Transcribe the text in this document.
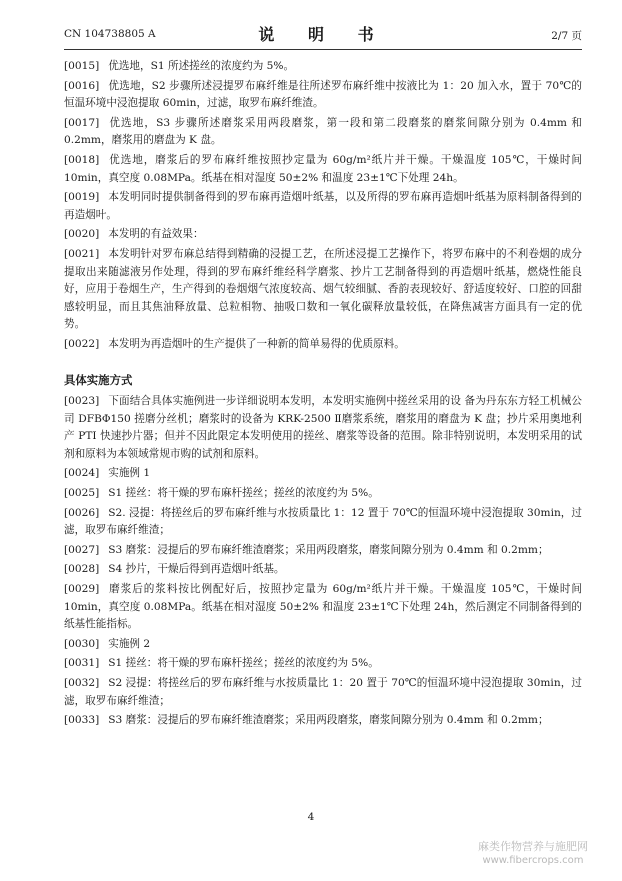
CN 104738805 A	说 明 书	2/7 页
[0015] 优选地，S1 所述搓丝的浓度约为 5%。
[0016] 优选地，S2 步骤所述浸提罗布麻纤维是往所述罗布麻纤维中按液比为 1：20 加入水，置于 70℃的恒温环境中浸泡提取 60min，过滤，取罗布麻纤维渣。
[0017] 优选地，S3 步骤所述磨浆采用两段磨浆，第一段和第二段磨浆的磨浆间隙分别为 0.4mm 和 0.2mm，磨浆用的磨盘为 K 盘。
[0018] 优选地，磨浆后的罗布麻纤维按照抄定量为 60g/m²纸片并干燥。干燥温度 105℃，干燥时间 10min，真空度 0.08MPa。纸基在相对湿度 50±2% 和温度 23±1℃下处理 24h。
[0019] 本发明同时提供制备得到的罗布麻再造烟叶纸基，以及所得的罗布麻再造烟叶纸基为原料制备得到的再造烟叶。
[0020] 本发明的有益效果：
[0021] 本发明针对罗布麻总结得到精确的浸提工艺，在所述浸提工艺操作下，将罗布麻中的不利卷烟的成分提取出来随滤液另作处理，得到的罗布麻纤维经科学磨浆、抄片工艺制备得到的再造烟叶纸基，燃烧性能良好，应用于卷烟生产，生产得到的卷烟烟气浓度较高、烟气较细腻、香韵表现较好、舒适度较好、口腔的回甜感较明显，而且其焦油释放量、总粒相物、抽吸口数和一氧化碳释放量较低，在降焦减害方面具有一定的优势。
[0022] 本发明为再造烟叶的生产提供了一种新的简单易得的优质原料。
具体实施方式
[0023] 下面结合具体实施例进一步详细说明本发明，本发明实施例中搓丝采用的设 备为丹东东方轻工机械公司 DFBΦ150 搓磨分丝机；磨浆时的设备为 KRK-2500 Ⅱ磨浆系统，磨浆用的磨盘为 K 盘；抄片采用奥地利产 PTI 快速抄片器；但并不因此限定本发明使用的搓丝、磨浆等设备的范围。除非特别说明，本发明采用的试剂和原料为本领域常规市购的试剂和原料。
[0024] 实施例 1
[0025] S1 搓丝：将干燥的罗布麻杆搓丝；搓丝的浓度约为 5%。
[0026] S2. 浸提：将搓丝后的罗布麻纤维与水按质量比 1：12 置于 70℃的恒温环境中浸泡提取 30min，过滤，取罗布麻纤维渣；
[0027] S3 磨浆：浸提后的罗布麻纤维渣磨浆；采用两段磨浆，磨浆间隙分别为 0.4mm 和 0.2mm；
[0028] S4 抄片，干燥后得到再造烟叶纸基。
[0029] 磨浆后的浆料按比例配好后，按照抄定量为 60g/m²纸片并干燥。干燥温度 105℃，干燥时间 10min，真空度 0.08MPa。纸基在相对湿度 50±2% 和温度 23±1℃下处理 24h，然后测定不同制备得到的纸基性能指标。
[0030] 实施例 2
[0031] S1 搓丝：将干燥的罗布麻杆搓丝；搓丝的浓度约为 5%。
[0032] S2 浸提：将搓丝后的罗布麻纤维与水按质量比 1：20 置于 70℃的恒温环境中浸泡提取 30min，过滤，取罗布麻纤维渣；
[0033] S3 磨浆：浸提后的罗布麻纤维渣磨浆；采用两段磨浆，磨浆间隙分别为 0.4mm 和 0.2mm；
4
麻类作物营养与施肥网
www.fibercrops.com
